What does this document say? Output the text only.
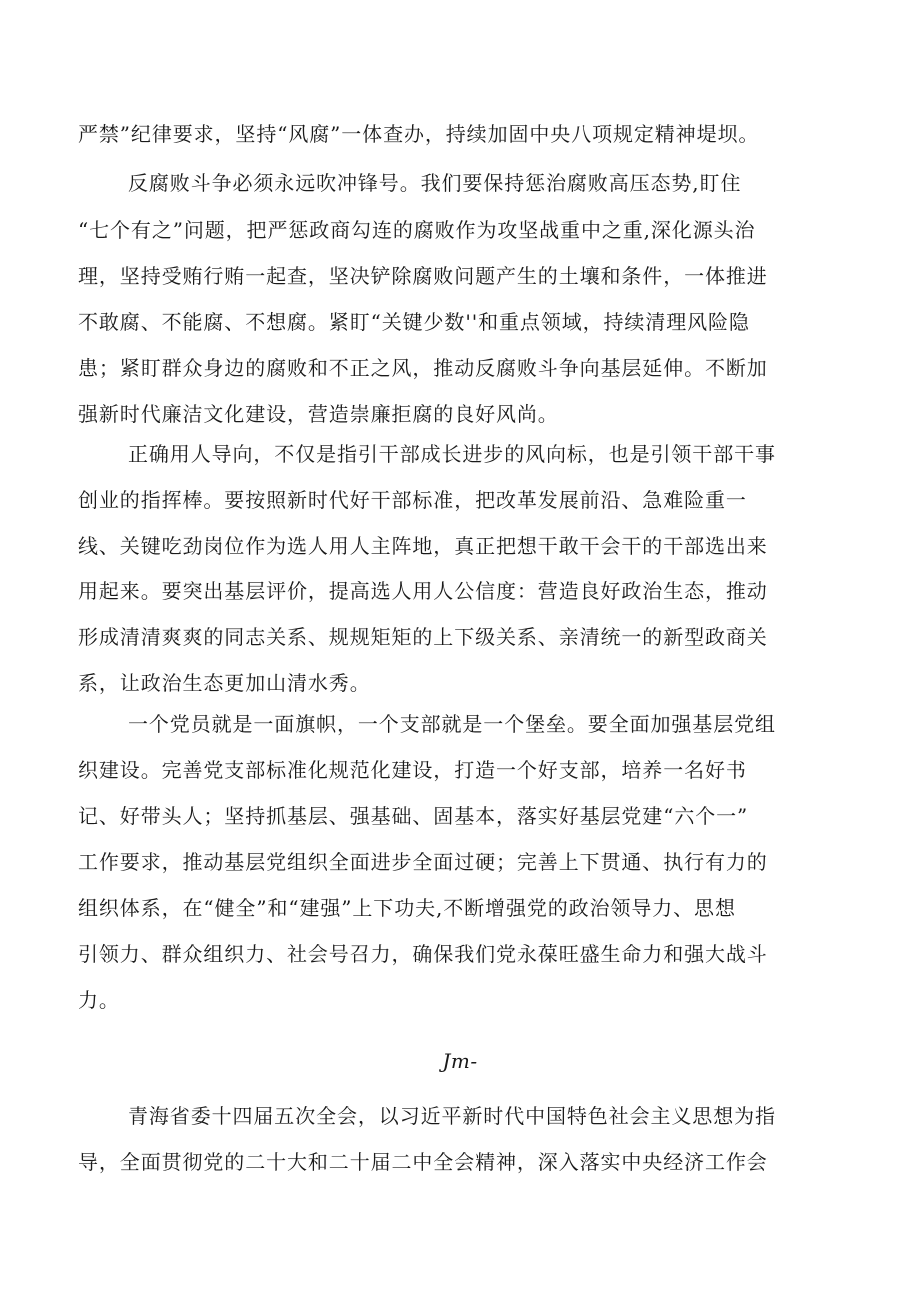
严禁”纪律要求，坚持“风腐”一体查办，持续加固中央八项规定精神堤坝。
反腐败斗争必须永远吹冲锋号。我们要保持惩治腐败高压态势,盯住
“七个有之”问题，把严惩政商勾连的腐败作为攻坚战重中之重,深化源头治
理，坚持受贿行贿一起查，坚决铲除腐败问题产生的土壤和条件，一体推进
不敢腐、不能腐、不想腐。紧盯“关键少数''和重点领域，持续清理风险隐
患；紧盯群众身边的腐败和不正之风，推动反腐败斗争向基层延伸。不断加
强新时代廉洁文化建设，营造崇廉拒腐的良好风尚。
正确用人导向，不仅是指引干部成长进步的风向标，也是引领干部干事
创业的指挥棒。要按照新时代好干部标准，把改革发展前沿、急难险重一
线、关键吃劲岗位作为选人用人主阵地，真正把想干敢干会干的干部选出来
用起来。要突出基层评价，提高选人用人公信度：营造良好政治生态，推动
形成清清爽爽的同志关系、规规矩矩的上下级关系、亲清统一的新型政商关
系，让政治生态更加山清水秀。
一个党员就是一面旗帜，一个支部就是一个堡垒。要全面加强基层党组
织建设。完善党支部标准化规范化建设，打造一个好支部，培养一名好书
记、好带头人；坚持抓基层、强基础、固基本，落实好基层党建“六个一”
工作要求，推动基层党组织全面进步全面过硬；完善上下贯通、执行有力的
组织体系，在“健全”和“建强”上下功夫,不断增强党的政治领导力、思想
引领力、群众组织力、社会号召力，确保我们党永葆旺盛生命力和强大战斗
力。
Jm-
青海省委十四届五次全会，以习近平新时代中国特色社会主义思想为指
导，全面贯彻党的二十大和二十届二中全会精神，深入落实中央经济工作会
